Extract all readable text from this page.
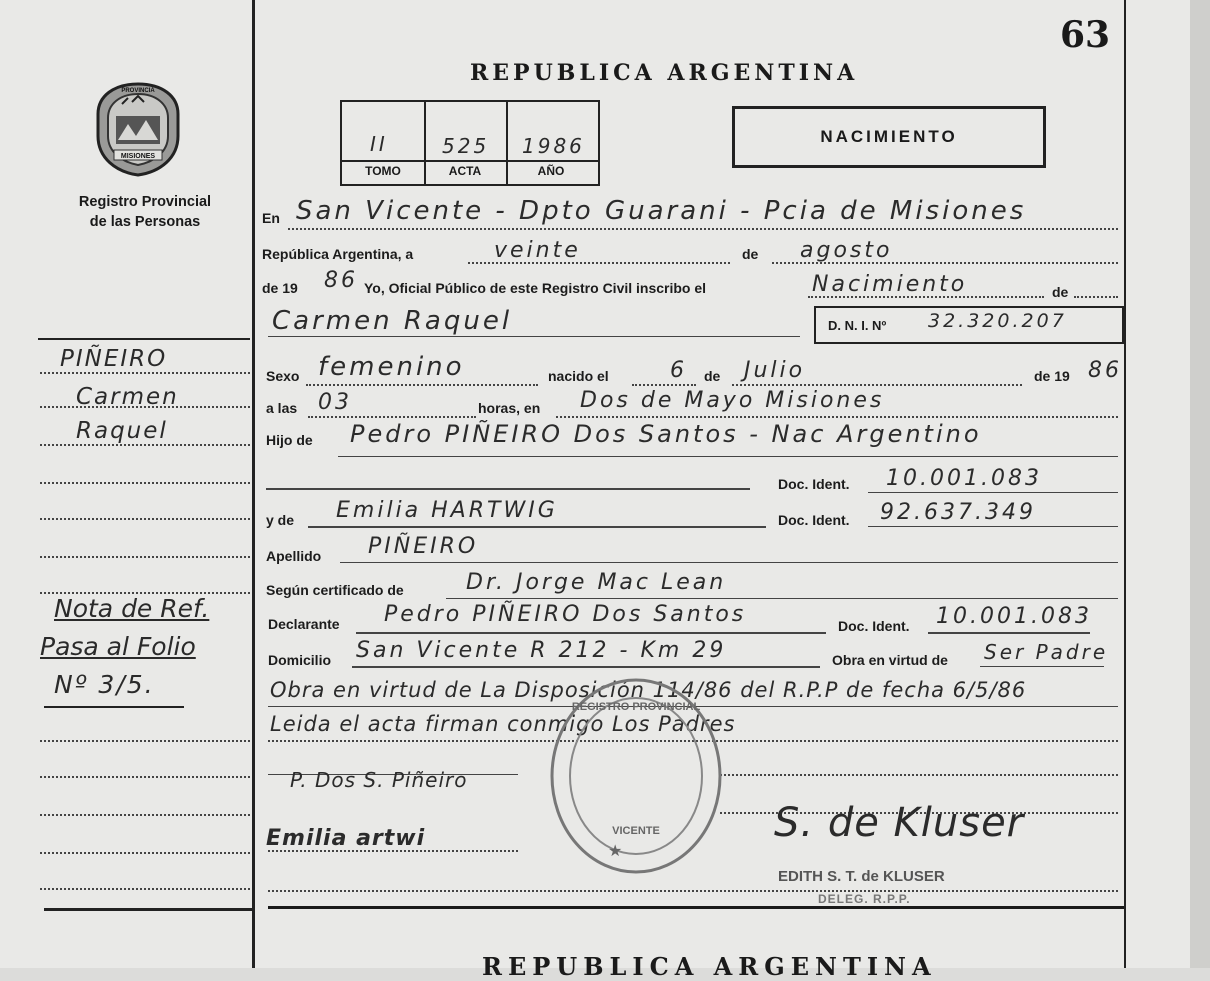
63
MISIONES
PROVINCIA
Registro Provincial
de las Personas
REPUBLICA ARGENTINA
II	525 1986
TOMO	ACTA	AÑO
NACIMIENTO
En San Vicente - Dpto Guarani - Pcia de Misiones
República Argentina, a	veinte	de agosto
de 19 86 Yo, Oficial Público de este Registro Civil inscribo el	Nacimiento	de
Carmen Raquel	D. N. I. Nº 32.320.207
Sexo femenino	nacido el	6 de Julio	de 19 86
a las 03	horas, en Dos de Mayo Misiones
Hijo de Pedro PIÑEIRO Dos Santos - Nac Argentino
Doc. Ident. 10.001.083
y de Emilia HARTWIG	Doc. Ident. 92.637.349
Apellido PIÑEIRO
Según certificado de	Dr. Jorge Mac Lean
Declarante Pedro PIÑEIRO Dos Santos	Doc. Ident. 10.001.083
Domicilio San Vicente R 212 - Km 29	Obra en virtud de Ser Padre
Obra en virtud de La Disposición 114/86 del R.P.P de fecha 6/5/86
Leida el acta firman conmigo Los Padres
REGISTRO PROVINCIAL
VICENTE
★
P. Dos S. Piñeiro
Emilia artwi	S. de Kluser
EDITH S. T. de KLUSER
DELEG. R.P.P.
PIÑEIRO
Carmen
Raquel
Nota de Ref.
Pasa al Folio
Nº 3/5.
REPUBLICA ARGENTINA
